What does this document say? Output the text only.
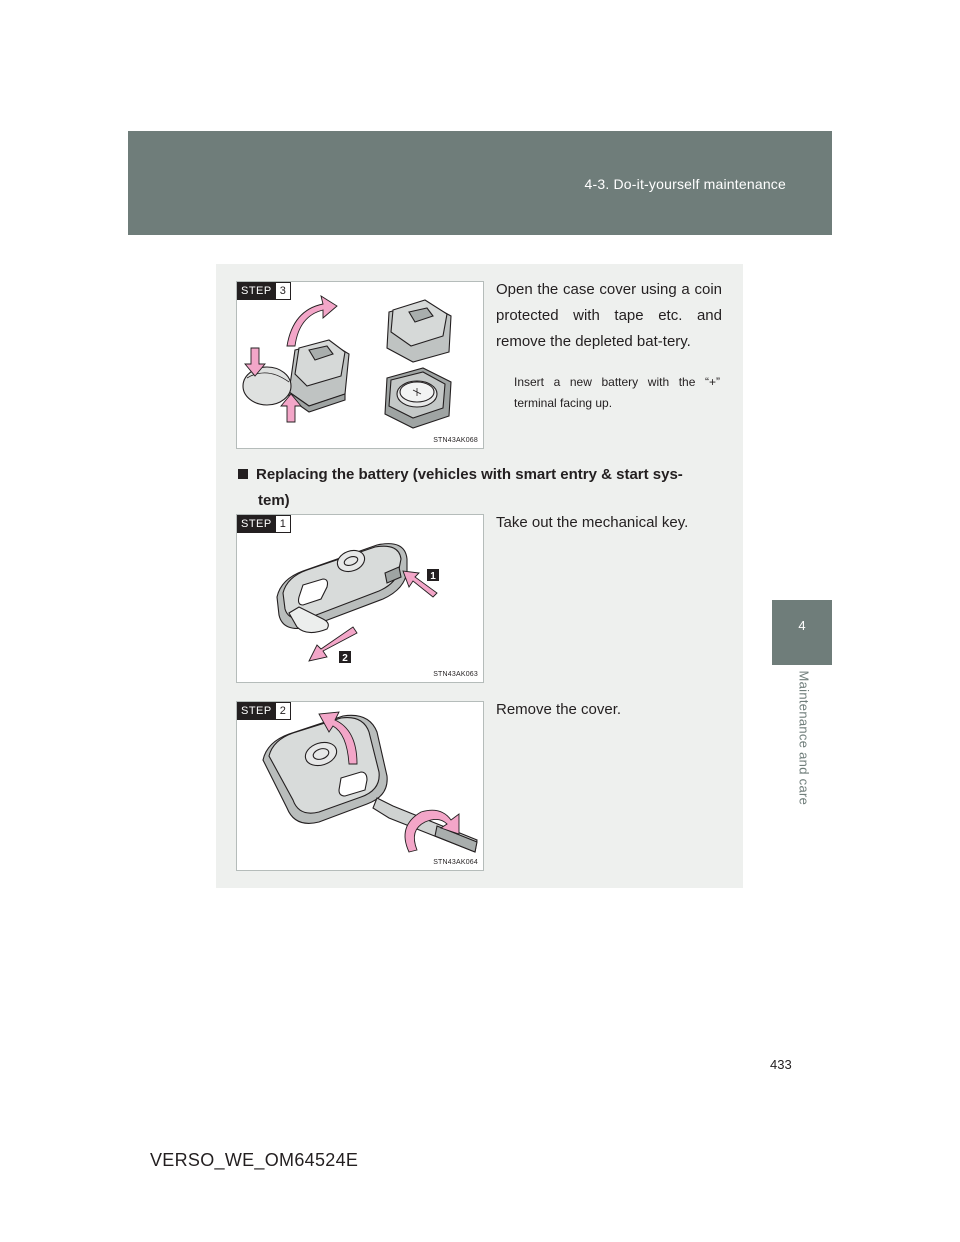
4-3. Do-it-yourself maintenance
4
Maintenance and care
STEP 3
STN43AK068
Open the case cover using a coin protected with tape etc. and remove the depleted bat-tery.
Insert a new battery with the “+” terminal facing up.
Replacing the battery (vehicles with smart entry & start sys-
tem)
1
2
STEP 1
STN43AK063
Take out the mechanical key.
STEP 2
STN43AK064
Remove the cover.
433
VERSO_WE_OM64524E
